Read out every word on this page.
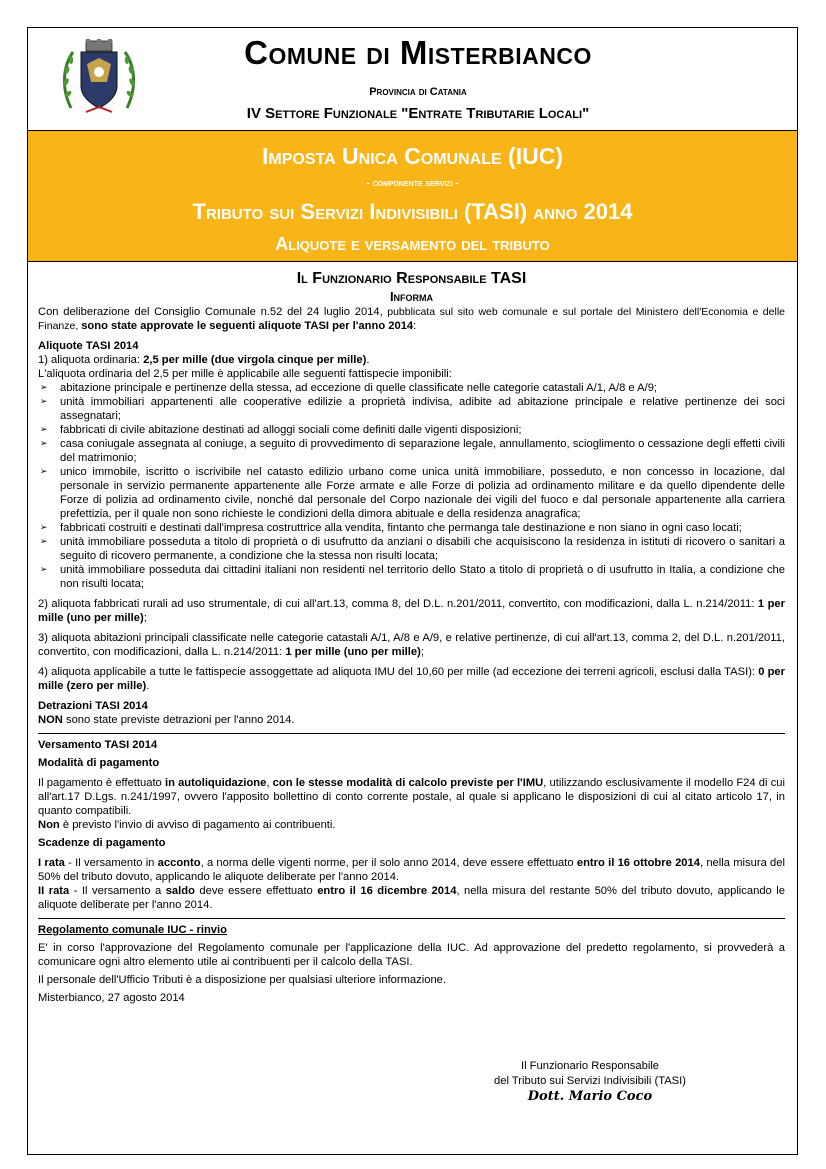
Comune di Misterbianco
Provincia di Catania
IV Settore Funzionale "Entrate Tributarie Locali"
Imposta Unica Comunale (IUC)
- componente servizi -
Tributo sui Servizi Indivisibili (TASI) anno 2014
Aliquote e versamento del tributo
Il Funzionario Responsabile TASI
Informa

Con deliberazione del Consiglio Comunale n.52 del 24 luglio 2014, pubblicata sul sito web comunale e sul portale del Ministero dell'Economia e delle Finanze, sono state approvate le seguenti aliquote TASI per l'anno 2014:

Aliquote TASI 2014

1) aliquota ordinaria: 2,5 per mille (due virgola cinque per mille).

L'aliquota ordinaria del 2,5 per mille è applicabile alle seguenti fattispecie imponibili:

➢ abitazione principale e pertinenze della stessa, ad eccezione di quelle classificate nelle categorie catastali A/1, A/8 e A/9;
➢ unità immobiliari appartenenti alle cooperative edilizie a proprietà indivisa, adibite ad abitazione principale e relative pertinenze dei soci assegnatari;
➢ fabbricati di civile abitazione destinati ad alloggi sociali come definiti dalle vigenti disposizioni;
➢ casa coniugale assegnata al coniuge, a seguito di provvedimento di separazione legale, annullamento, scioglimento o cessazione degli effetti civili del matrimonio;
➢ unico immobile, iscritto o iscrivibile nel catasto edilizio urbano come unica unità immobiliare, posseduto, e non concesso in locazione, dal personale in servizio permanente appartenente alle Forze armate e alle Forze di polizia ad ordinamento militare e da quello dipendente delle Forze di polizia ad ordinamento civile, nonché dal personale del Corpo nazionale dei vigili del fuoco e dal personale appartenente alla carriera prefettizia, per il quale non sono richieste le condizioni della dimora abituale e della residenza anagrafica;
➢ fabbricati costruiti e destinati dall'impresa costruttrice alla vendita, fintanto che permanga tale destinazione e non siano in ogni caso locati;
➢ unità immobiliare posseduta a titolo di proprietà o di usufrutto da anziani o disabili che acquisiscono la residenza in istituti di ricovero o sanitari a seguito di ricovero permanente, a condizione che la stessa non risulti locata;
➢ unità immobiliare posseduta dai cittadini italiani non residenti nel territorio dello Stato a titolo di proprietà o di usufrutto in Italia, a condizione che non risulti locata;

2) aliquota fabbricati rurali ad uso strumentale, di cui all'art.13, comma 8, del D.L. n.201/2011, convertito, con modificazioni, dalla L. n.214/2011: 1 per mille (uno per mille);

3) aliquota abitazioni principali classificate nelle categorie catastali A/1, A/8 e A/9, e relative pertinenze, di cui all'art.13, comma 2, del D.L. n.201/2011, convertito, con modificazioni, dalla L. n.214/2011: 1 per mille (uno per mille);

4) aliquota applicabile a tutte le fattispecie assoggettate ad aliquota IMU del 10,60 per mille (ad eccezione dei terreni agricoli, esclusi dalla TASI): 0 per mille (zero per mille).

Detrazioni TASI 2014

NON sono state previste detrazioni per l'anno 2014.

Versamento TASI 2014

Modalità di pagamento

Il pagamento è effettuato in autoliquidazione, con le stesse modalità di calcolo previste per l'IMU, utilizzando esclusivamente il modello F24 di cui all'art.17 D.Lgs. n.241/1997, ovvero l'apposito bollettino di conto corrente postale, al quale si applicano le disposizioni di cui al citato articolo 17, in quanto compatibili.

Non è previsto l'invio di avviso di pagamento ai contribuenti.

Scadenze di pagamento

I rata - Il versamento in acconto, a norma delle vigenti norme, per il solo anno 2014, deve essere effettuato entro il 16 ottobre 2014, nella misura del 50% del tributo dovuto, applicando le aliquote deliberate per l'anno 2014.

II rata - Il versamento a saldo deve essere effettuato entro il 16 dicembre 2014, nella misura del restante 50% del tributo dovuto, applicando le aliquote deliberate per l'anno 2014.

Regolamento comunale IUC - rinvio

E' in corso l'approvazione del Regolamento comunale per l'applicazione della IUC. Ad approvazione del predetto regolamento, si provvederà a comunicare ogni altro elemento utile ai contribuenti per il calcolo della TASI.

Il personale dell'Ufficio Tributi è a disposizione per qualsiasi ulteriore informazione.

Misterbianco, 27 agosto 2014

Il Funzionario Responsabile
del Tributo sui Servizi Indivisibili (TASI)
Dott. Mario Coco
